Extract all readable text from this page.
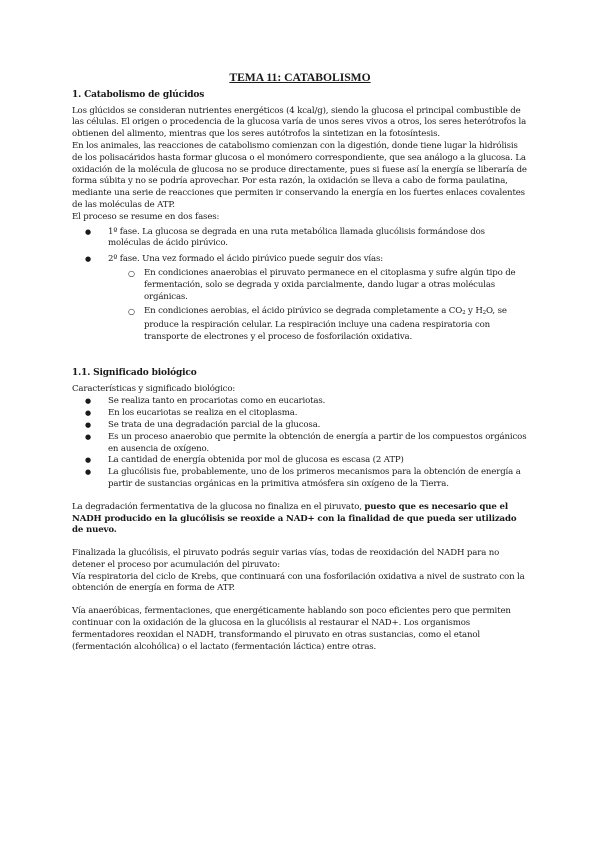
TEMA 11: CATABOLISMO
1. Catabolismo de glúcidos

Los glúcidos se consideran nutrientes energéticos (4 kcal/g), siendo la glucosa el principal combustible de las células. El origen o procedencia de la glucosa varía de unos seres vivos a otros, los seres heterótrofos la obtienen del alimento, mientras que los seres autótrofos la sintetizan en la fotosíntesis.

En los animales, las reacciones de catabolismo comienzan con la digestión, donde tiene lugar la hidrólisis de los polisacáridos hasta formar glucosa o el monómero correspondiente, que sea análogo a la glucosa. La oxidación de la molécula de glucosa no se produce directamente, pues si fuese así la energía se liberaría de forma súbita y no se podría aprovechar. Por esta razón, la oxidación se lleva a cabo de forma paulatina, mediante una serie de reacciones que permiten ir conservando la energía en los fuertes enlaces covalentes de las moléculas de ATP.

El proceso se resume en dos fases:

● 1º fase. La glucosa se degrada en una ruta metabólica llamada glucólisis formándose dos moléculas de ácido pirúvico.
● 2º fase. Una vez formado el ácido pirúvico puede seguir dos vías:
○ En condiciones anaerobias el piruvato permanece en el citoplasma y sufre algún tipo de fermentación, solo se degrada y oxida parcialmente, dando lugar a otras moléculas orgánicas.
○ En condiciones aerobias, el ácido pirúvico se degrada completamente a $CO_2$ y $H_2O$, se produce la respiración celular. La respiración incluye una cadena respiratoria con transporte de electrones y el proceso de fosforilación oxidativa.
1.1. Significado biológico

Características y significado biológico:

● Se realiza tanto en procariotas como en eucariotas.
● En los eucariotas se realiza en el citoplasma.
● Se trata de una degradación parcial de la glucosa.
● Es un proceso anaerobio que permite la obtención de energía a partir de los compuestos orgánicos en ausencia de oxígeno.
● La cantidad de energía obtenida por mol de glucosa es escasa (2 ATP)
● La glucólisis fue, probablemente, uno de los primeros mecanismos para la obtención de energía a partir de sustancias orgánicas en la primitiva atmósfera sin oxígeno de la Tierra.

La degradación fermentativa de la glucosa no finaliza en el piruvato, puesto que es necesario que el NADH producido en la glucólisis se reoxide a NAD+ con la finalidad de que pueda ser utilizado de nuevo.

Finalizada la glucólisis, el piruvato podrás seguir varias vías, todas de reoxidación del NADH para no detener el proceso por acumulación del piruvato:

Vía respiratoria del ciclo de Krebs, que continuará con una fosforilación oxidativa a nivel de sustrato con la obtención de energía en forma de ATP.

Vía anaeróbicas, fermentaciones, que energéticamente hablando son poco eficientes pero que permiten continuar con la oxidación de la glucosa en la glucólisis al restaurar el NAD+. Los organismos fermentadores reoxidan el NADH, transformando el piruvato en otras sustancias, como el etanol (fermentación alcohólica) o el lactato (fermentación láctica) entre otras.
